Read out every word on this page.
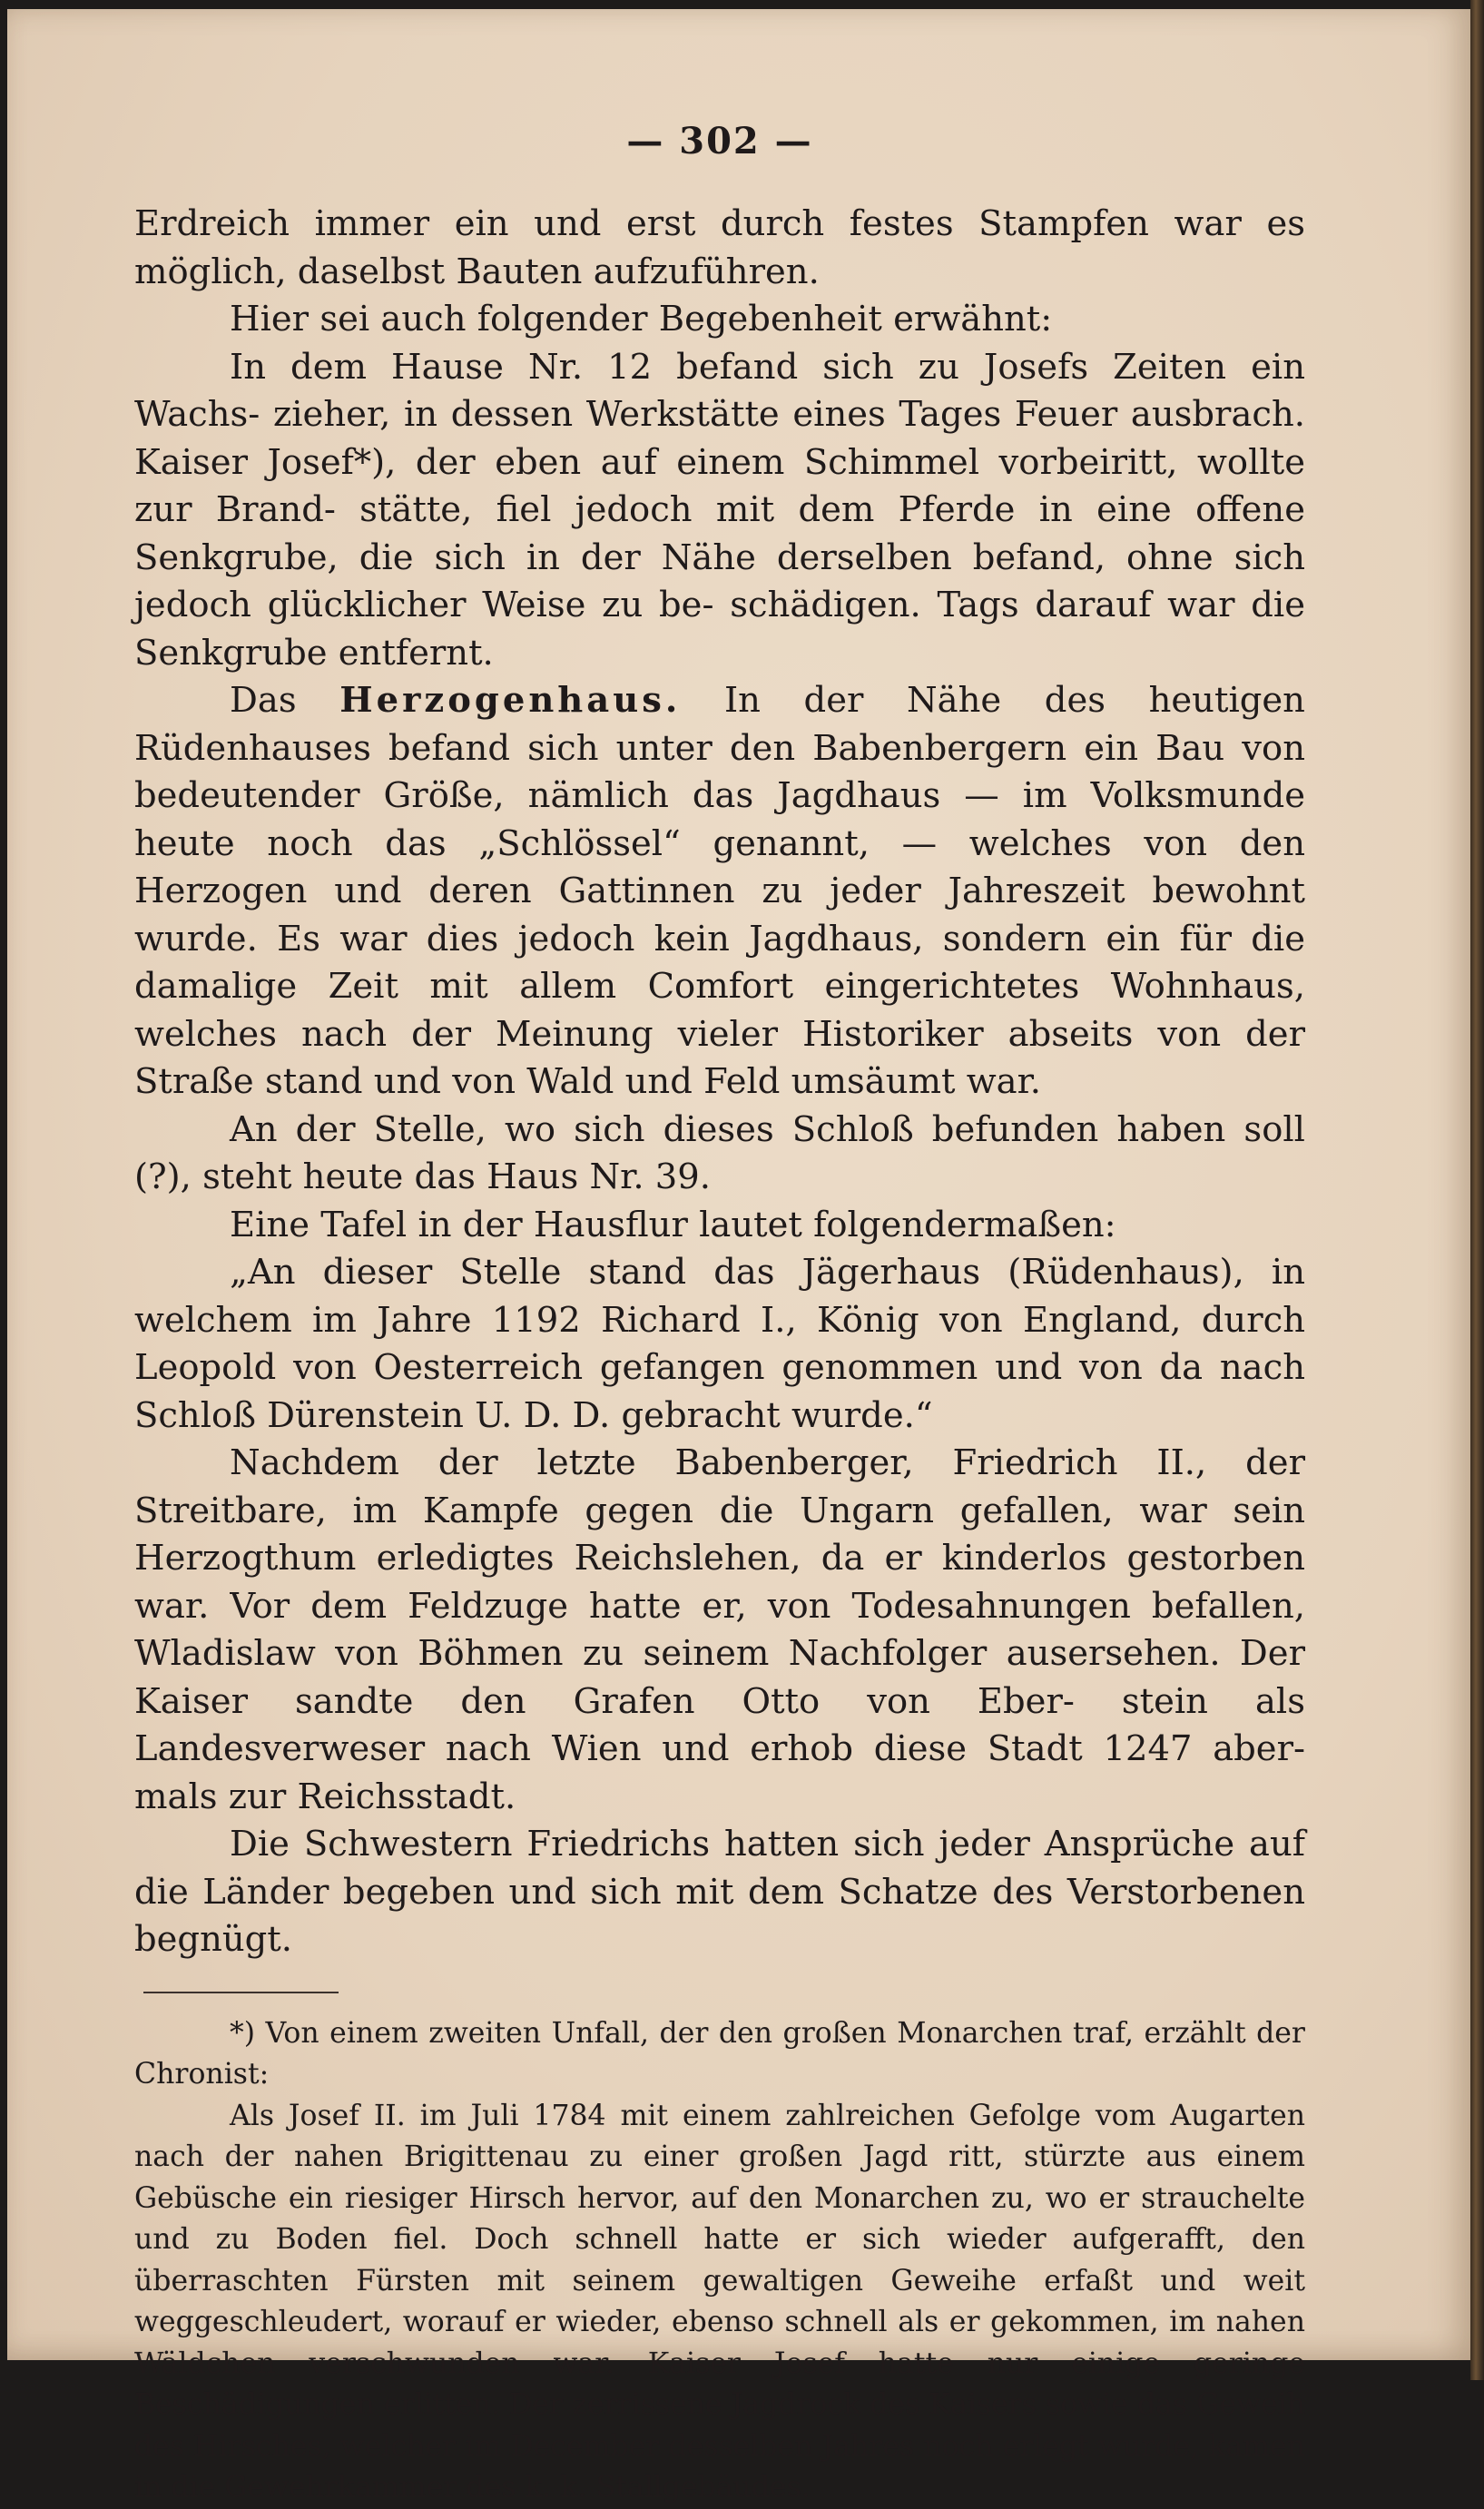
— 302 —

Erdreich immer ein und erst durch festes Stampfen war es möglich, daselbst Bauten aufzuführen.

Hier sei auch folgender Begebenheit erwähnt:

In dem Hause Nr. 12 befand sich zu Josefs Zeiten ein Wachs- zieher, in dessen Werkstätte eines Tages Feuer ausbrach. Kaiser Josef*), der eben auf einem Schimmel vorbeiritt, wollte zur Brand- stätte, fiel jedoch mit dem Pferde in eine offene Senkgrube, die sich in der Nähe derselben befand, ohne sich jedoch glücklicher Weise zu be- schädigen. Tags darauf war die Senkgrube entfernt.

Das Herzogenhaus. In der Nähe des heutigen Rüdenhauses befand sich unter den Babenbergern ein Bau von bedeutender Größe, nämlich das Jagdhaus — im Volksmunde heute noch das „Schlössel“ genannt, — welches von den Herzogen und deren Gattinnen zu jeder Jahreszeit bewohnt wurde. Es war dies jedoch kein Jagdhaus, sondern ein für die damalige Zeit mit allem Comfort eingerichtetes Wohnhaus, welches nach der Meinung vieler Historiker abseits von der Straße stand und von Wald und Feld umsäumt war.

An der Stelle, wo sich dieses Schloß befunden haben soll (?), steht heute das Haus Nr. 39.

Eine Tafel in der Hausflur lautet folgendermaßen:

„An dieser Stelle stand das Jägerhaus (Rüdenhaus), in welchem im Jahre 1192 Richard I., König von England, durch Leopold von Oesterreich gefangen genommen und von da nach Schloß Dürenstein U. D. D. gebracht wurde.“

Nachdem der letzte Babenberger, Friedrich II., der Streitbare, im Kampfe gegen die Ungarn gefallen, war sein Herzogthum erledigtes Reichslehen, da er kinderlos gestorben war. Vor dem Feldzuge hatte er, von Todesahnungen befallen, Wladislaw von Böhmen zu seinem Nachfolger ausersehen. Der Kaiser sandte den Grafen Otto von Eber- stein als Landesverweser nach Wien und erhob diese Stadt 1247 aber- mals zur Reichsstadt.

Die Schwestern Friedrichs hatten sich jeder Ansprüche auf die Länder begeben und sich mit dem Schatze des Verstorbenen begnügt.

*) Von einem zweiten Unfall, der den großen Monarchen traf, erzählt der Chronist:

Als Josef II. im Juli 1784 mit einem zahlreichen Gefolge vom Augarten nach der nahen Brigittenau zu einer großen Jagd ritt, stürzte aus einem Gebüsche ein riesiger Hirsch hervor, auf den Monarchen zu, wo er strauchelte und zu Boden fiel. Doch schnell hatte er sich wieder aufgerafft, den überraschten Fürsten mit seinem gewaltigen Geweihe erfaßt und weit weggeschleudert, worauf er wieder, ebenso schnell als er gekommen, im nahen Wäldchen verschwunden war. Kaiser Josef hatte nur einige geringe Beschädigungen erlitten. Der zerrissene Jagdrock des Kaisers sowie das Geweih des Hirsches, welcher im December desselben Jahres noch erlegt wurde, kamen in die Gewehrkammer des k. k. Stallgebäudes.
